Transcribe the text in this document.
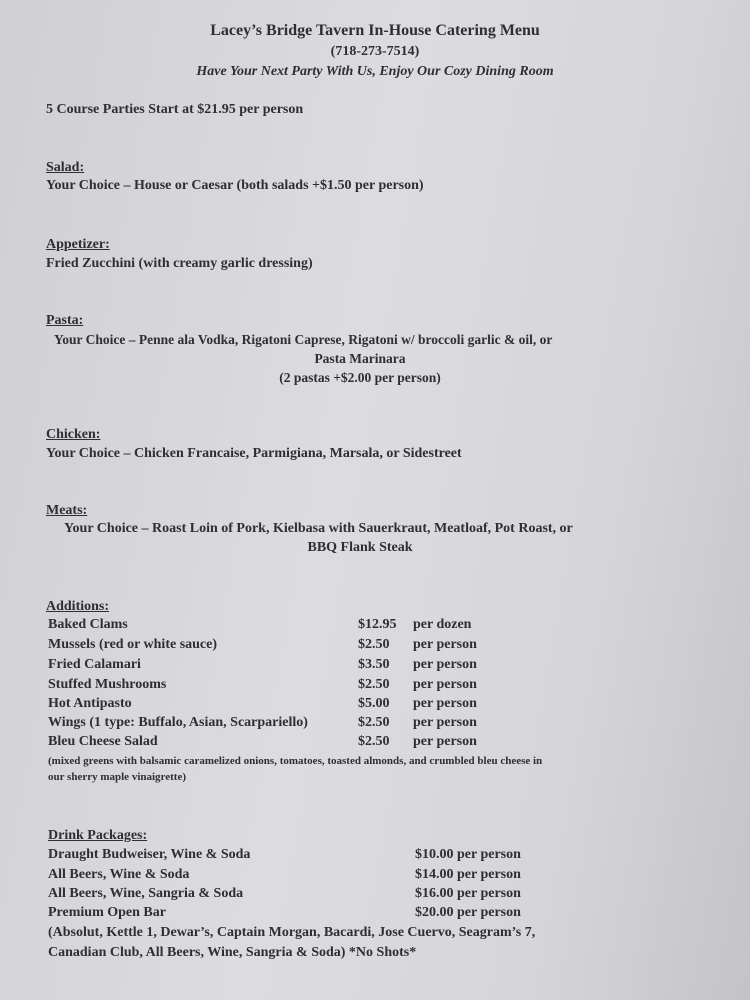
Lacey’s Bridge Tavern In-House Catering Menu
(718-273-7514)
Have Your Next Party With Us, Enjoy Our Cozy Dining Room
5 Course Parties Start at $21.95 per person
Salad:
Your Choice – House or Caesar (both salads +$1.50 per person)
Appetizer:
Fried Zucchini (with creamy garlic dressing)
Pasta:
Your Choice – Penne ala Vodka, Rigatoni Caprese, Rigatoni w/ broccoli garlic & oil, or
Pasta Marinara
(2 pastas +$2.00 per person)
Chicken:
Your Choice – Chicken Francaise, Parmigiana, Marsala, or Sidestreet
Meats:
Your Choice – Roast Loin of Pork, Kielbasa with Sauerkraut, Meatloaf, Pot Roast, or
BBQ Flank Steak
Additions:
Baked Clams	$12.95 per dozen
Mussels (red or white sauce)	$2.50 per person
Fried Calamari	$3.50 per person
Stuffed Mushrooms	$2.50 per person
Hot Antipasto	$5.00 per person
Wings (1 type: Buffalo, Asian, Scarpariello)	$2.50 per person
Bleu Cheese Salad	$2.50 per person
(mixed greens with balsamic caramelized onions, tomatoes, toasted almonds, and crumbled bleu cheese in
our sherry maple vinaigrette)
Drink Packages:
Draught Budweiser, Wine & Soda	$10.00 per person
All Beers, Wine & Soda	$14.00 per person
All Beers, Wine, Sangria & Soda	$16.00 per person
Premium Open Bar	$20.00 per person
(Absolut, Kettle 1, Dewar’s, Captain Morgan, Bacardi, Jose Cuervo, Seagram’s 7,
Canadian Club, All Beers, Wine, Sangria & Soda) *No Shots*
